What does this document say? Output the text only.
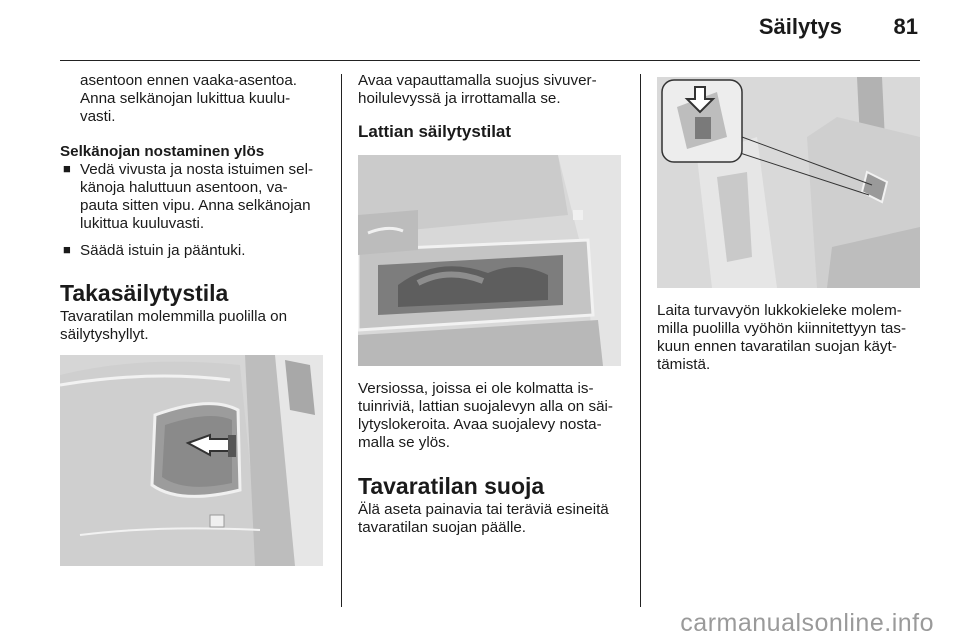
Säilytys 81

asentoon ennen vaaka-asentoa.

Anna selkänojan lukittua kuulu-

vasti.

Selkänojan nostaminen ylös

■ Vedä vivusta ja nosta istuimen sel-

känoja haluttuun asentoon, va-

pauta sitten vipu. Anna selkänojan

lukittua kuuluvasti.

■ Säädä istuin ja pääntuki.

Takasäilytystila

Tavaratilan molemmilla puolilla on

säilytyshyllyt.

Avaa vapauttamalla suojus sivuver-

hoilulevyssä ja irrottamalla se.

Lattian säilytystilat

Versiossa, joissa ei ole kolmatta is-

tuinriviä, lattian suojalevyn alla on säi-

lytyslokeroita. Avaa suojalevy nosta-

malla se ylös.

Tavaratilan suoja

Älä aseta painavia tai teräviä esineitä

tavaratilan suojan päälle.

Laita turvavyön lukkokieleke molem-

milla puolilla vyöhön kiinnitettyyn tas-

kuun ennen tavaratilan suojan käyt-

tämistä.

carmanualsonline.info
